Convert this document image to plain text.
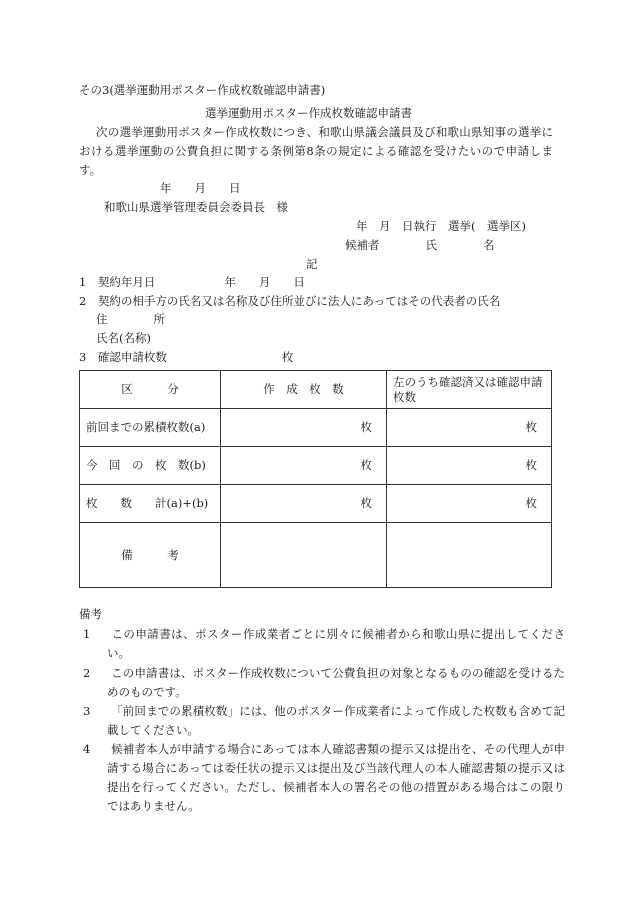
その3(選挙運動用ポスター作成枚数確認申請書)
選挙運動用ポスター作成枚数確認申請書
次の選挙運動用ポスター作成枚数につき、和歌山県議会議員及び和歌山県知事の選挙における選挙運動の公費負担に関する条例第8条の規定による確認を受けたいので申請します。
年　　月　　日
和歌山県選挙管理委員会委員長　様
年　月　日執行　選挙(　選挙区)
候補者　　　　氏　　　　名
記
1　契約年月日　　　　　　年　　月　　日
2　契約の相手方の氏名又は名称及び住所並びに法人にあってはその代表者の氏名
住　　　　所
氏名(名称)
3　確認申請枚数　　　　　　　　　　枚
区　　　分	作　成　枚　数	左のうち確認済又は確認申請枚数
前回までの累積枚数(a)	枚	枚
今　回　の　枚　数(b)	枚	枚
枚　　数　　計(a)+(b)	枚	枚
備　　　考		
備考
1 この申請書は、ポスター作成業者ごとに別々に候補者から和歌山県に提出してください。
2 この申請書は、ポスター作成枚数について公費負担の対象となるものの確認を受けるためのものです。
3 「前回までの累積枚数」には、他のポスター作成業者によって作成した枚数も含めて記載してください。
4 候補者本人が申請する場合にあっては本人確認書類の提示又は提出を、その代理人が申請する場合にあっては委任状の提示又は提出及び当該代理人の本人確認書類の提示又は提出を行ってください。ただし、候補者本人の署名その他の措置がある場合はこの限りではありません。
